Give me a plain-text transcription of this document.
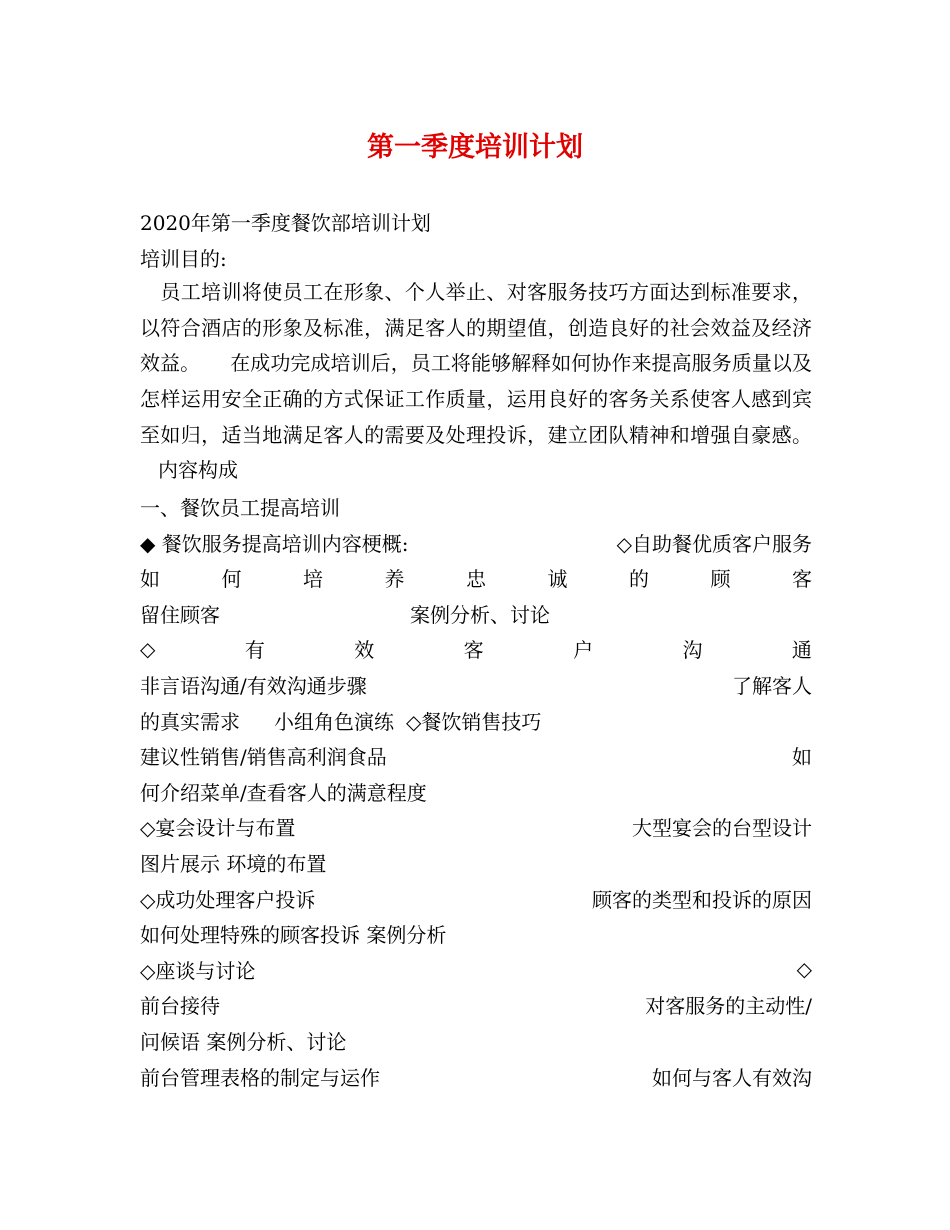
第一季度培训计划
2020年第一季度餐饮部培训计划
培训目的:
员工培训将使员工在形象、个人举止、对客服务技巧方面达到标准要求，以符合酒店的形象及标准，满足客人的期望值，创造良好的社会效益及经济效益。 在成功完成培训后，员工将能够解释如何协作来提高服务质量以及怎样运用安全正确的方式保证工作质量，运用良好的客务关系使客人感到宾至如归，适当地满足客人的需要及处理投诉，建立团队精神和增强自豪感。内容构成
一、餐饮员工提高培训
◆ 餐饮服务提高培训内容梗概:	◇自助餐优质客户服务
如	何	培	养	忠	诚	的	顾	客
留住顾客	案例分析、讨论
◇	有	效	客	户	沟	通
非言语沟通/有效沟通步骤	了解客人
的真实需求 小组角色演练 ◇餐饮销售技巧
建议性销售/销售高利润食品	如
何介绍菜单/查看客人的满意程度
◇宴会设计与布置	大型宴会的台型设计
图片展示 环境的布置
◇成功处理客户投诉	顾客的类型和投诉的原因
如何处理特殊的顾客投诉 案例分析
◇座谈与讨论	◇
前台接待	对客服务的主动性/
问候语 案例分析、讨论
前台管理表格的制定与运作	如何与客人有效沟
